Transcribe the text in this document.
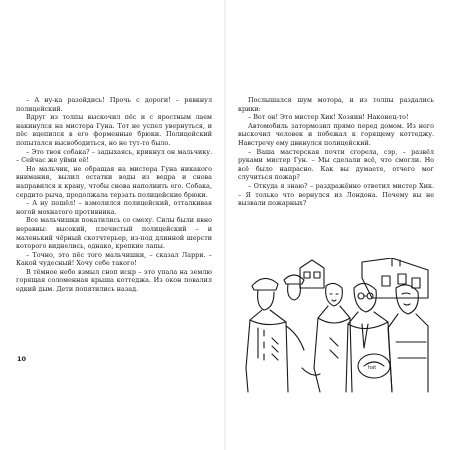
– А ну-ка разойдись! Прочь с дороги! – рявкнул полицейский.

Вдруг из толпы выскочил пёс и с яростным лаем накинулся на мистера Гуна. Тот не успел увернуться, и пёс вцепился в его форменные брюки. Полицейский попытался высвободиться, но не тут-то было.

– Это твоя собака? – задыхаясь, крикнул он мальчику. – Сейчас же уйми её!

Но мальчик, не обращая на мистера Гуна никакого внимания, вылил остатки воды из ведра и снова направился к крану, чтобы снова наполнить его. Собака, сердито рыча, продолжала терзать полицейские брюки.

– А ну пошёл! – взмолился полицейский, отталкивая ногой мохнатого противника.

Все мальчишки покатились со смеху. Силы были явно неравны: высокий, плечистый полицейский – и маленький чёрный скотчтерьер, из-под длинной шерсти которого виднелись, однако, крепкие лапы.

– Точно, это пёс того мальчишки, – сказал Ларри. – Какой чудесный! Хочу себе такого!

В тёмное небо взмыл сноп искр – это упала на землю горящая соломенная крыша коттеджа. Из окон повалил едкий дым. Дети попятились назад.

10

Послышался шум мотора, и из толпы раздались крики:

– Вот он! Это мистер Хик! Хозяин! Наконец-то!

Автомобиль затормозил прямо перед домом. Из него выскочил человек и побежал к горящему коттеджу. Навстречу ему двинулся полицейский.

– Ваша мастерская почти сгорела, сэр, – развёл руками мистер Гун. – Мы сделали всё, что смогли. Но всё было напрасно. Как вы думаете, отчего мог случиться пожар?

– Откуда я знаю? – раздражённо ответил мистер Хик. – Я только что вернулся из Лондона. Почему вы не вызвали пожарных?

hat
